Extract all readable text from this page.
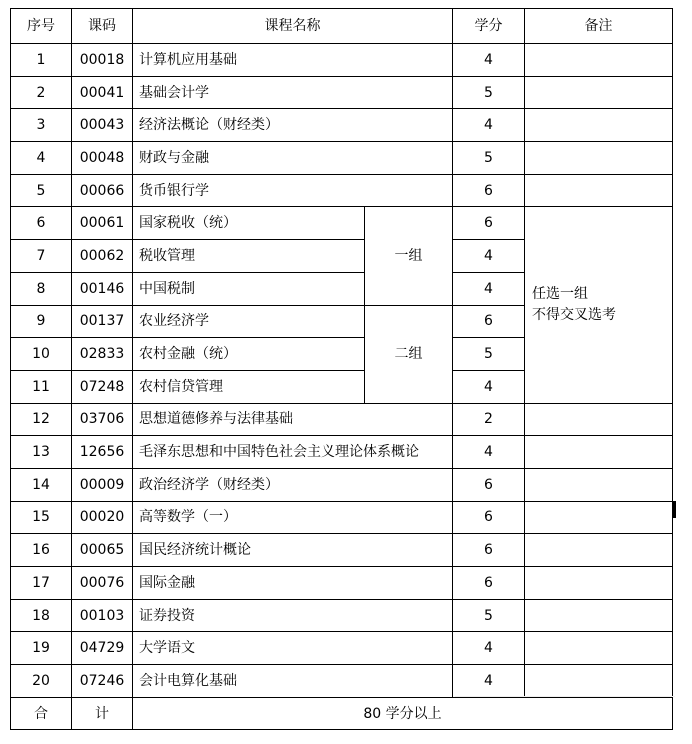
序号	课码	课程名称		学分	备注
1	00018	计算机应用基础		4	
2	00041	基础会计学		5	
3	00043	经济法概论（财经类）		4	
4	00048	财政与金融		5	
5	00066	货币银行学		6	
6	00061	国家税收（统）	一组	6	任选一组
不得交叉选考

7	00062	税收管理		4	
8	00146	中国税制		4	
9	00137	农业经济学	二组	6	
10	02833	农村金融（统）		5	
11	07248	农村信贷管理		4	
12	03706	思想道德修养与法律基础		2	
13	12656	毛泽东思想和中国特色社会主义理论体系概论		4	
14	00009	政治经济学（财经类）		6	
15	00020	高等数学（一）		6	
16	00065	国民经济统计概论		6	
17	00076	国际金融		6	
18	00103	证券投资		5	
19	04729	大学语文		4	
20	07246	会计电算化基础		4	
合	计	80 学分以上			
